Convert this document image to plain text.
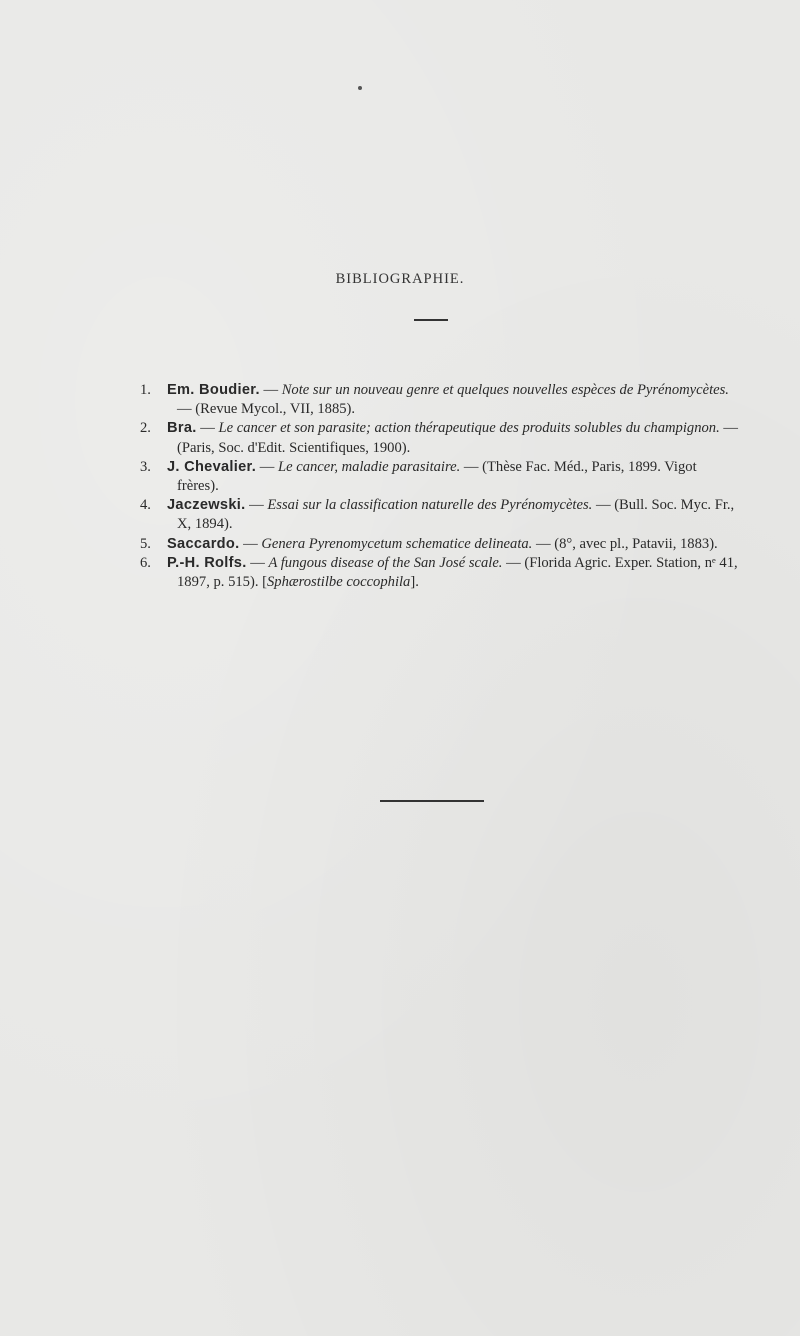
BIBLIOGRAPHIE.
1. Em. Boudier. — Note sur un nouveau genre et quelques nouvelles espèces de Pyrénomycètes. — (Revue Mycol., VII, 1885).
2. Bra. — Le cancer et son parasite; action thérapeutique des produits solubles du champignon. — (Paris, Soc. d'Edit. Scientifiques, 1900).
3. J. Chevalier. — Le cancer, maladie parasitaire. — (Thèse Fac. Méd., Paris, 1899. Vigot frères).
4. Jaczewski. — Essai sur la classification naturelle des Pyrénomycètes. — (Bull. Soc. Myc. Fr., X, 1894).
5. Saccardo. — Genera Pyrenomycetum schematice delineata. — (8°, avec pl., Patavii, 1883).
6. P.-H. Rolfs. — A fungous disease of the San José scale. — (Florida Agric. Exper. Station, nᵉ 41, 1897, p. 515). [Sphærostilbe coccophila].
